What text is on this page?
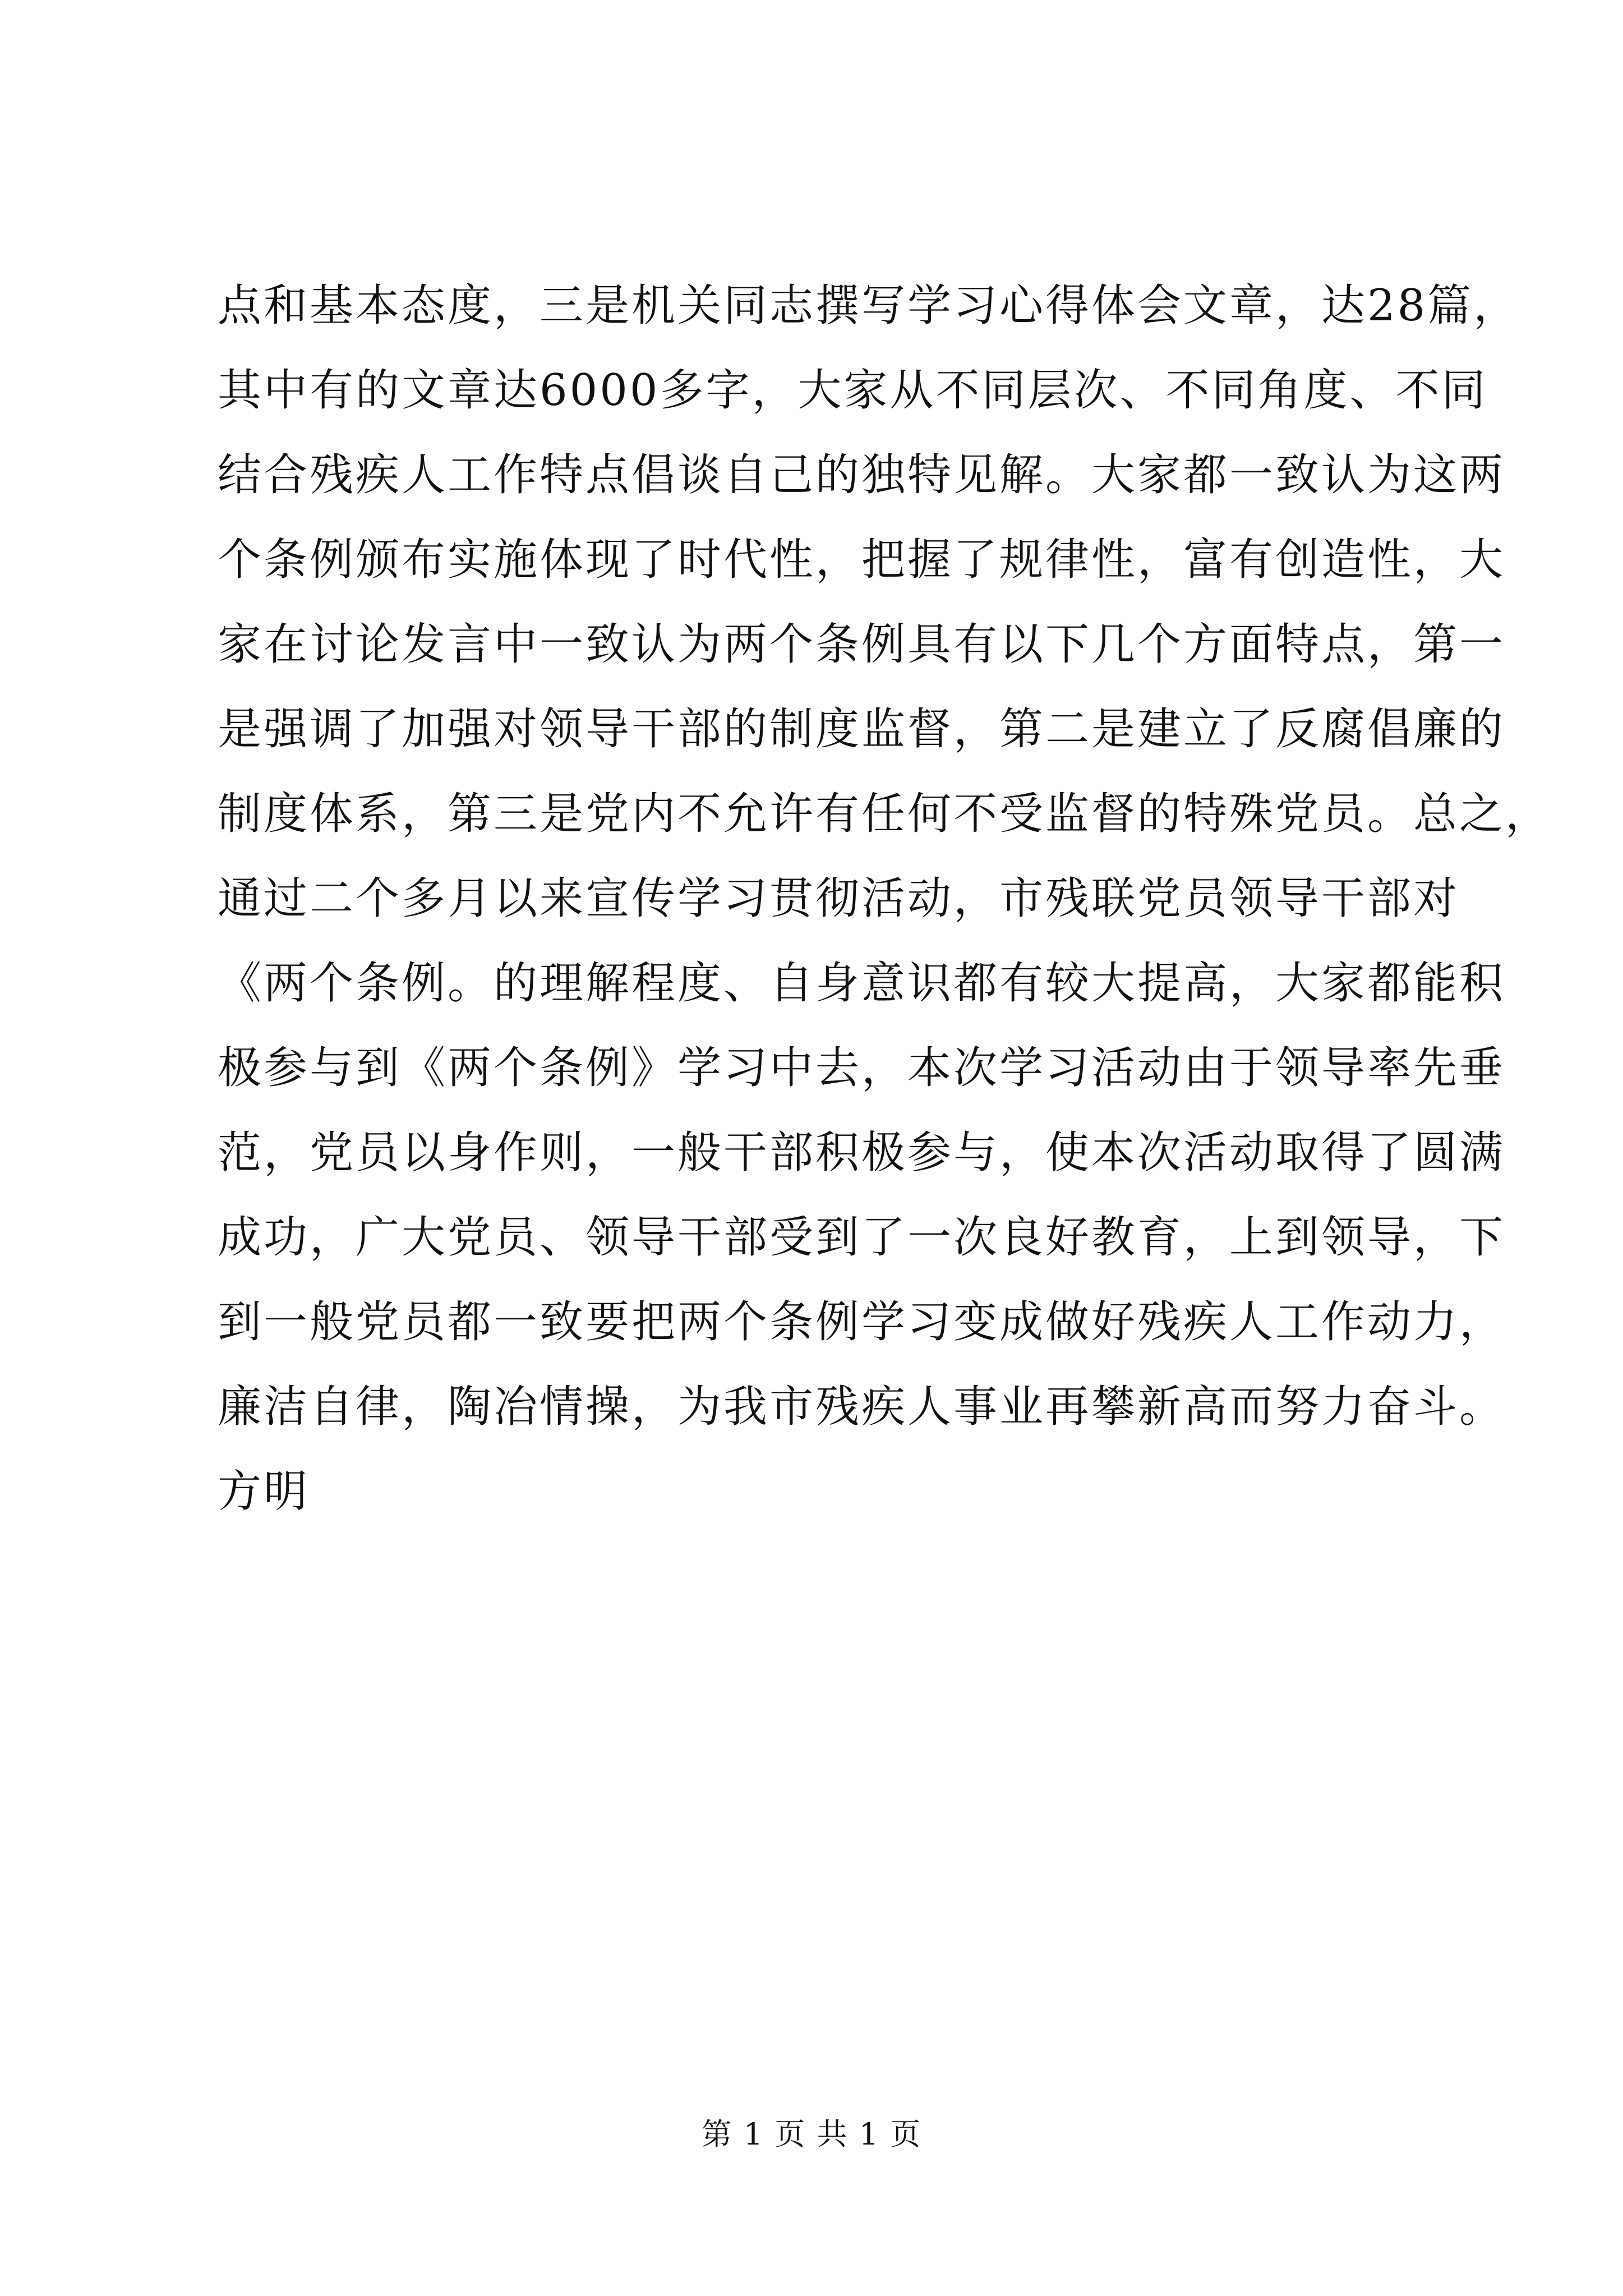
点和基本态度，三是机关同志撰写学习心得体会文章，达28篇，
其中有的文章达6000多字，大家从不同层次、不同角度、不同
结合残疾人工作特点倡谈自己的独特见解。大家都一致认为这两
个条例颁布实施体现了时代性，把握了规律性，富有创造性，大
家在讨论发言中一致认为两个条例具有以下几个方面特点，第一
是强调了加强对领导干部的制度监督，第二是建立了反腐倡廉的
制度体系，第三是党内不允许有任何不受监督的特殊党员。总之，
通过二个多月以来宣传学习贯彻活动，市残联党员领导干部对
《两个条例。的理解程度、自身意识都有较大提高，大家都能积
极参与到《两个条例》学习中去，本次学习活动由于领导率先垂
范，党员以身作则，一般干部积极参与，使本次活动取得了圆满
成功，广大党员、领导干部受到了一次良好教育，上到领导，下
到一般党员都一致要把两个条例学习变成做好残疾人工作动力，
廉洁自律，陶冶情操，为我市残疾人事业再攀新高而努力奋斗。
方明
第 1 页 共 1 页
